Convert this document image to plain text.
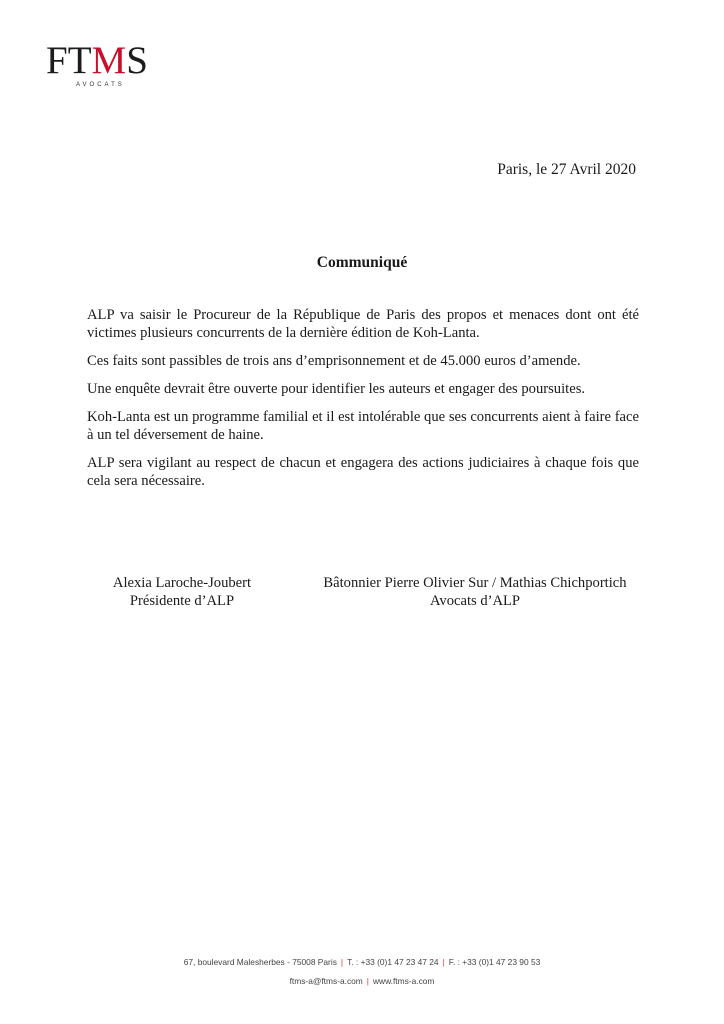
FTMS
AVOCATS
Paris, le 27 Avril 2020
Communiqué

ALP va saisir le Procureur de la République de Paris des propos et menaces dont ont été victimes plusieurs concurrents de la dernière édition de Koh-Lanta.

Ces faits sont passibles de trois ans d’emprisonnement et de 45.000 euros d’amende.

Une enquête devrait être ouverte pour identifier les auteurs et engager des poursuites.

Koh-Lanta est un programme familial et il est intolérable que ses concurrents aient à faire face à un tel déversement de haine.

ALP sera vigilant au respect de chacun et engagera des actions judiciaires à chaque fois que cela sera nécessaire.

Alexia Laroche-Joubert
Présidente d’ALP
Bâtonnier Pierre Olivier Sur / Mathias Chichportich
Avocats d’ALP
67, boulevard Malesherbes - 75008 Paris | T. : +33 (0)1 47 23 47 24 | F. : +33 (0)1 47 23 90 53
ftms-a@ftms-a.com | www.ftms-a.com
